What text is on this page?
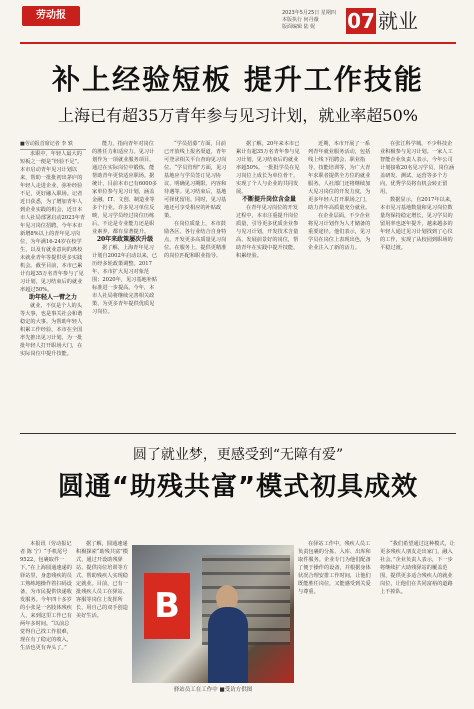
劳动报	2023年5月25日 星期四
本版执行 何丹薇
版面编辑 陆 妮	07 就业
补上经验短板 提升工作技能
上海已有超35万青年参与见习计划，就业率超50%

■劳动报首席记者 李 轶

求职中，年轻人最大的短板之一便是“经验不足”。本市启动青年见习计划以来，帮助一批批初出茅庐的年轻人走进企业，弥补经验不足，更好融入职场。记者近日获悉，为了增加青年人到企业实践的机会，近日本市人社局部署启动2023年青年见习岗位招聘。今年本市新增8%以上的青年见习岗位，为年满16-24岁在校学生，以及有就业意向的离校未就业青年等提供更多实践机会。截至目前，本市已累计有超35万名青年参与了见习计划，见习结束后的就业率超过50%。

助年轻人一臂之力

就业，不仅是个人的头等大事，也是事关社会和谐稳定的大事。为帮助年轻人积累工作经验，本市在全国率先推出见习计划，为一批批年轻人打开职场大门，在实际岗位中提升技能。

能力，指向青年对岗位的胜任力和适应力。见习计划作为一项就业服务项目，通过在实际岗位中锻炼，能帮助青年更快适应职场。据统计，目前本市已有6000多家单位参与见习计划，涵盖金融、IT、文创、制造业等多个行业。许多见习单位反映，见习学员经过岗位历练后，不论是专业能力还是职业素养，都有显著提升。

20年来政策屡次升级

据了解，上海青年见习计划自2002年启动以来，已历经多轮政策调整。2017年，本市扩大见习对象范围；2020年，见习基地补贴标准进一步提高。今年，本市人社局将继续完善相关政策，为更多青年提供优质见习岗位。

“学员招募”方面，目前已开放线上报名渠道，青年可登录相关平台查询见习岗位。“学员管理”方面，见习基地应与学员签订见习协议，明确见习期限、内容和待遇等。见习结束后，基地可择优留用。同时，见习基地还可享受相应的补贴政策。

在岗位质量上，本市鼓励各区、各行业结合自身特点，开发更多高质量见习岗位。在服务上，提供更精准的岗位匹配和职业指导。

据了解，20年来本市已累计有超35万名青年参与见习计划，见习结束后的就业率超50%。一批批学员在见习岗位上成长为单位骨干，实现了个人与企业的共同发展。

不断提升岗位含金量

在青年见习岗位的开发过程中，本市注重提升岗位质量，引导更多优质企业参与见习计划，开发技术含量高、发展前景好的岗位，帮助青年在实践中提升技能，积累经验。

近期，本市开展了一系列青年就业服务活动，包括线上线下招聘会、职业指导、技能培训等，为广大青年求职者提供全方位的就业服务。人社部门还将继续加大见习岗位的开发力度，为更多年轻人打开职场之门，助力青年高质量充分就业。

在企业层面，不少企业将见习计划作为人才储备的重要途径。他们表示，见习学员在岗位上表现出色，为企业注入了新的活力。

在张江科学城，不少科技企业积极参与见习计划。一家人工智能企业负责人表示，今年公司计划接收20名见习学员，岗位涵盖研发、测试、运营等多个方向，优秀学员将有机会转正留用。

数据显示，自2017年以来，本市见习基地数量和见习岗位数量均保持稳定增长，见习学员的留用率也逐年提升，越来越多的年轻人通过见习计划找到了心仪的工作，实现了从校园到职场的平稳过渡。

圆了就业梦，更感受到“无障有爱”
圆通“助残共富”模式初具成效

本报讯（劳动报记者 陈 宁）“手机尾号9522，包裹取件一下。”在上海圆通速递的驿站里，身患残疾的员工熟练地操作着扫码设备，为市民提供快递收发服务。今年四十多岁的小张是一名肢体残疾人，来到这里工作已有两年多时间。“以前总觉得自己找工作很难，现在有了稳定的收入，生活也更有奔头了。”

据了解，圆通速递积极探索“助残共富”模式，通过开设助残驿站、提供岗位培训等方式，帮助残疾人实现稳定就业。目前，已有一批残疾人员工在驿站、客服等岗位上发挥所长，用自己的双手创造美好生活。	B
驿站员工在工作中 ■受访方供图

在驿站工作中，残疾人员工负责包裹的分拣、入库、出库和取件服务。企业专门为他们配备了便于操作的设备，并根据身体状况合理安排工作时间，让他们既能胜任岗位，又能感受到关爱与尊重。

“我们希望通过这种模式，让更多残疾人朋友走出家门、融入社会。”企业负责人表示，下一步将继续扩大助残驿站的覆盖范围，提供更多适合残疾人的就业岗位，让他们在共同富裕的道路上不掉队。
